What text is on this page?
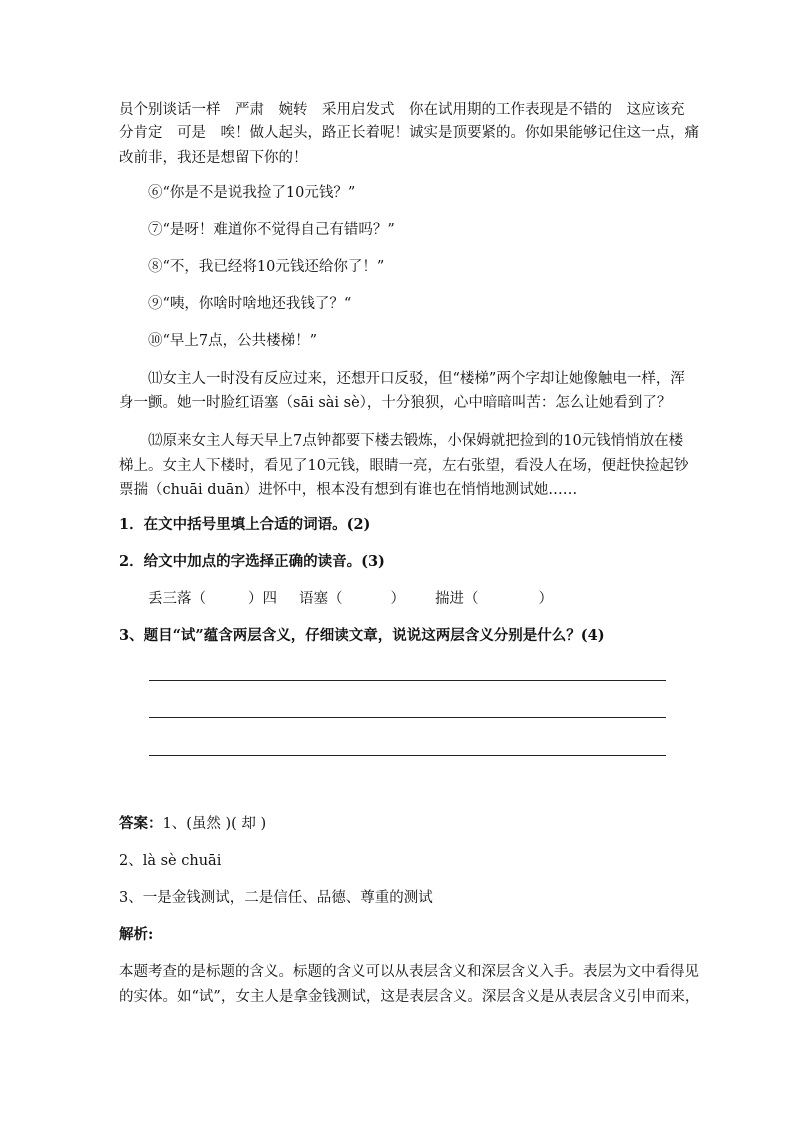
员个别谈话一样　严肃　婉转　采用启发式　你在试用期的工作表现是不错的　这应该充
分肯定　可是　唉！做人起头，路正长着呢！诚实是顶要紧的。你如果能够记住这一点，痛
改前非，我还是想留下你的！
⑥“你是不是说我捡了10元钱？”
⑦“是呀！难道你不觉得自己有错吗？”
⑧“不，我已经将10元钱还给你了！”
⑨“咦，你啥时啥地还我钱了？“
⑩“早上7点，公共楼梯！”
⑾女主人一时没有反应过来，还想开口反驳，但“楼梯”两个字却让她像触电一样，浑
身一颤。她一时脸红语塞（sāi sài sè），十分狼狈，心中暗暗叫苦：怎么让她看到了？
⑿原来女主人每天早上7点钟都要下楼去锻炼，小保姆就把捡到的10元钱悄悄放在楼
梯上。女主人下楼时，看见了10元钱，眼睛一亮，左右张望，看没人在场，便赶快捡起钞
票揣（chuāi duān）进怀中，根本没有想到有谁也在悄悄地测试她……
1．在文中括号里填上合适的词语。(2)
2．给文中加点的字选择正确的读音。(3)
丢三落（	）四 语塞（	） 揣进（	）
3、题目“试”蕴含两层含义，仔细读文章，说说这两层含义分别是什么？(4)
答案：1、(虽然 )( 却 )
2、là sè chuāi
3、一是金钱测试，二是信任、品德、尊重的测试
解析:
本题考查的是标题的含义。标题的含义可以从表层含义和深层含义入手。表层为文中看得见
的实体。如“试”，女主人是拿金钱测试，这是表层含义。深层含义是从表层含义引申而来，
